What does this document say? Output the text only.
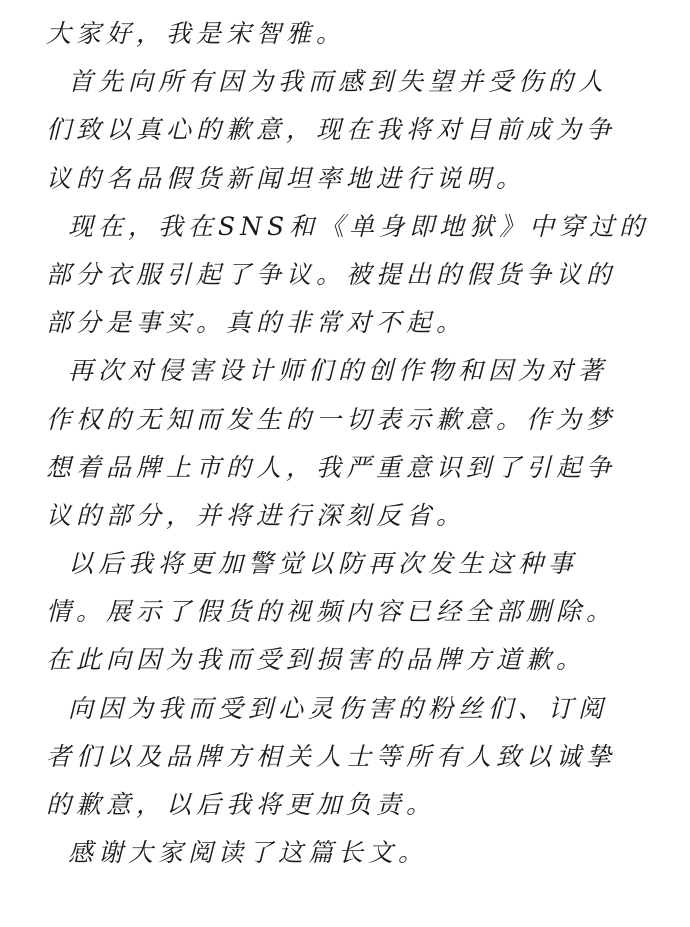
大家好，我是宋智雅。
首先向所有因为我而感到失望并受伤的人
们致以真心的歉意，现在我将对目前成为争
议的名品假货新闻坦率地进行说明。
现在，我在SNS和《单身即地狱》中穿过的
部分衣服引起了争议。被提出的假货争议的
部分是事实。真的非常对不起。
再次对侵害设计师们的创作物和因为对著
作权的无知而发生的一切表示歉意。作为梦
想着品牌上市的人，我严重意识到了引起争
议的部分，并将进行深刻反省。
以后我将更加警觉以防再次发生这种事
情。展示了假货的视频内容已经全部删除。
在此向因为我而受到损害的品牌方道歉。
向因为我而受到心灵伤害的粉丝们、订阅
者们以及品牌方相关人士等所有人致以诚挚
的歉意，以后我将更加负责。
感谢大家阅读了这篇长文。
